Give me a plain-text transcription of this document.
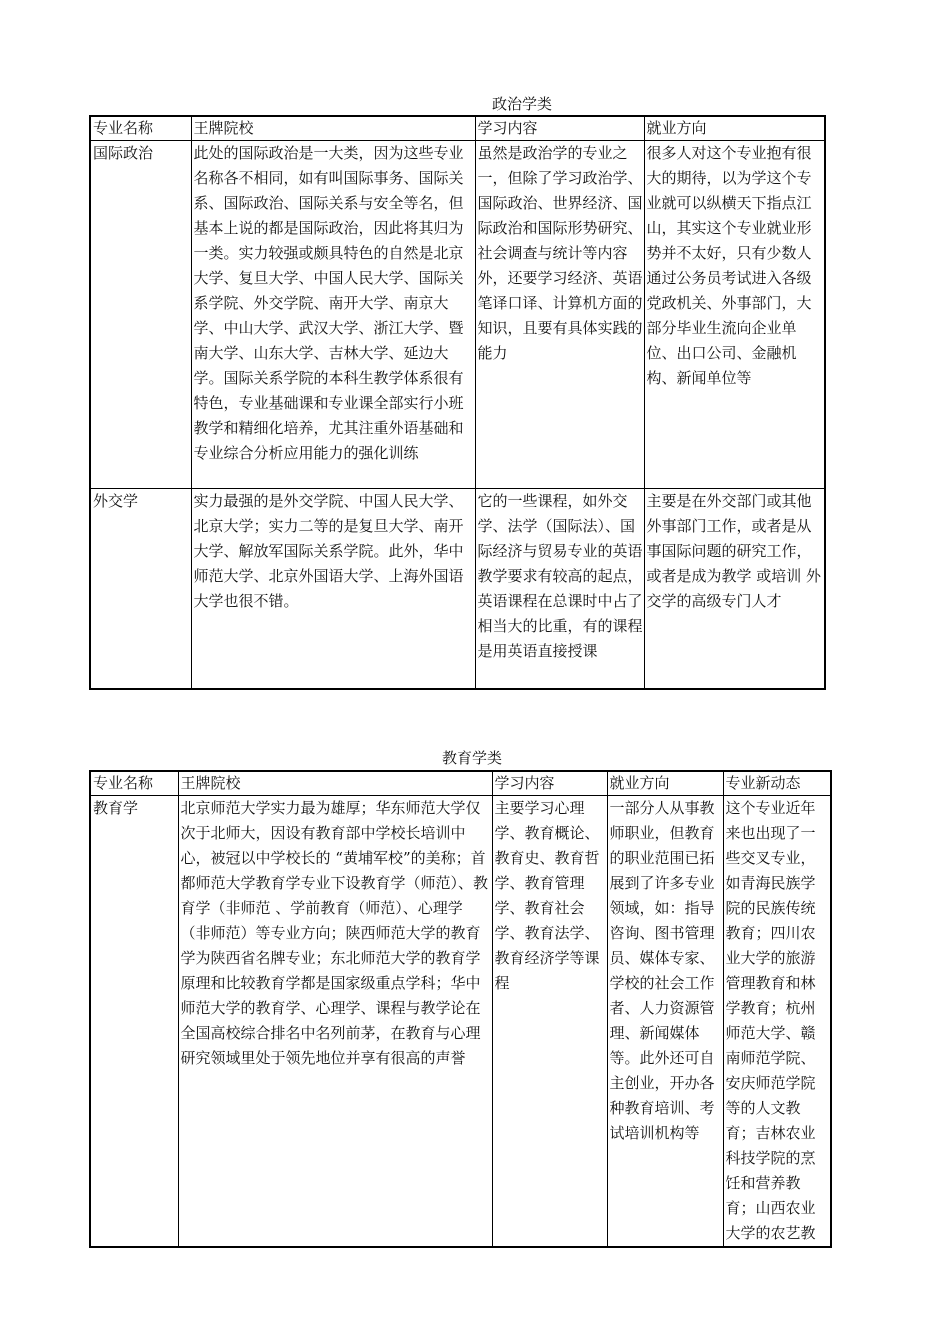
政治学类
专业名称	王牌院校	学习内容	就业方向
国际政治	此处的国际政治是一大类，因为这些专业名称各不相同，如有叫国际事务、国际关系、国际政治、国际关系与安全等名，但基本上说的都是国际政治，因此将其归为一类。实力较强或颇具特色的自然是北京大学、复旦大学、中国人民大学、国际关系学院、外交学院、南开大学、南京大学、中山大学、武汉大学、浙江大学、暨南大学、山东大学、吉林大学、延边大学。国际关系学院的本科生教学体系很有特色，专业基础课和专业课全部实行小班教学和精细化培养，尤其注重外语基础和专业综合分析应用能力的强化训练	虽然是政治学的专业之一，但除了学习政治学、国际政治、世界经济、国际政治和国际形势研究、社会调查与统计等内容外，还要学习经济、英语笔译口译、计算机方面的知识，且要有具体实践的能力	很多人对这个专业抱有很大的期待，以为学这个专业就可以纵横天下指点江山，其实这个专业就业形势并不太好，只有少数人通过公务员考试进入各级党政机关、外事部门，大部分毕业生流向企业单位、出口公司、金融机构、新闻单位等
外交学	实力最强的是外交学院、中国人民大学、北京大学；实力二等的是复旦大学、南开大学、解放军国际关系学院。此外，华中师范大学、北京外国语大学、上海外国语大学也很不错。	它的一些课程，如外交学、法学（国际法）、国际经济与贸易专业的英语教学要求有较高的起点，英语课程在总课时中占了相当大的比重，有的课程是用英语直接授课	主要是在外交部门或其他外事部门工作，或者是从事国际问题的研究工作，或者是成为教学 或培训 外交学的高级专门人才
教育学类
专业名称	王牌院校	学习内容	就业方向	专业新动态
教育学	北京师范大学实力最为雄厚；华东师范大学仅次于北师大，因设有教育部中学校长培训中心，被冠以中学校长的 “黄埔军校”的美称；首都师范大学教育学专业下设教育学（师范）、教育学（非师范 、学前教育（师范）、心理学（非师范）等专业方向；陕西师范大学的教育学为陕西省名牌专业；东北师范大学的教育学原理和比较教育学都是国家级重点学科；华中师范大学的教育学、心理学、课程与教学论在全国高校综合排名中名列前茅，在教育与心理研究领域里处于领先地位并享有很高的声誉	主要学习心理学、教育概论、教育史、教育哲学、教育管理学、教育社会学、教育法学、教育经济学等课程	一部分人从事教师职业，但教育的职业范围已拓展到了许多专业领域，如：指导咨询、图书管理员、媒体专家、学校的社会工作者、人力资源管理、新闻媒体等。此外还可自主创业，开办各种教育培训、考试培训机构等	这个专业近年来也出现了一些交叉专业，如青海民族学院的民族传统教育；四川农业大学的旅游管理教育和林学教育；杭州师范大学、赣南师范学院、安庆师范学院等的人文教育；吉林农业科技学院的烹饪和营养教育；山西农业大学的农艺教
